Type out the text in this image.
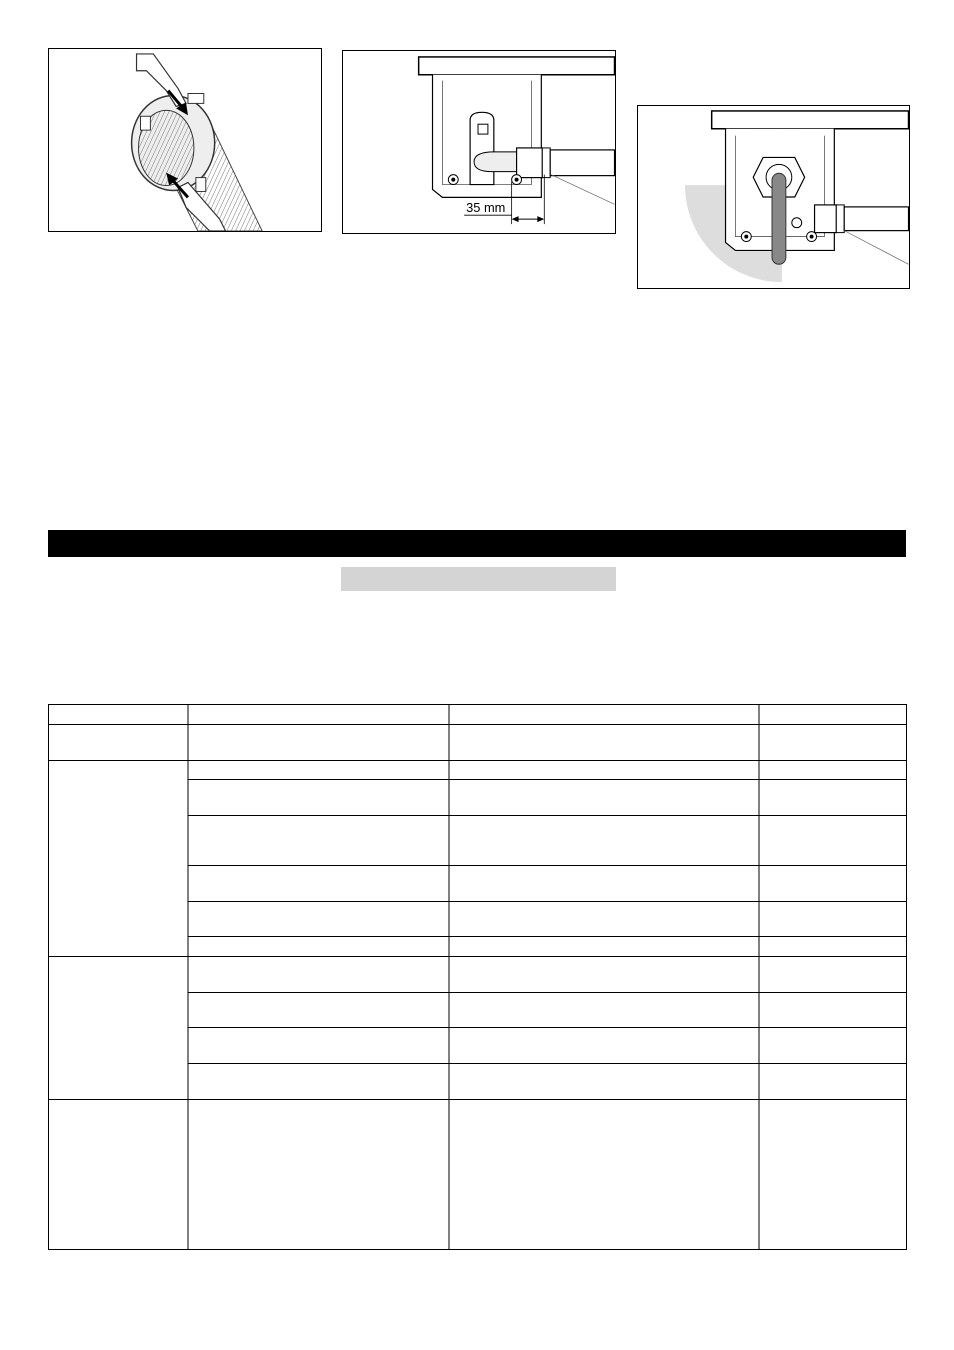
35 mm
